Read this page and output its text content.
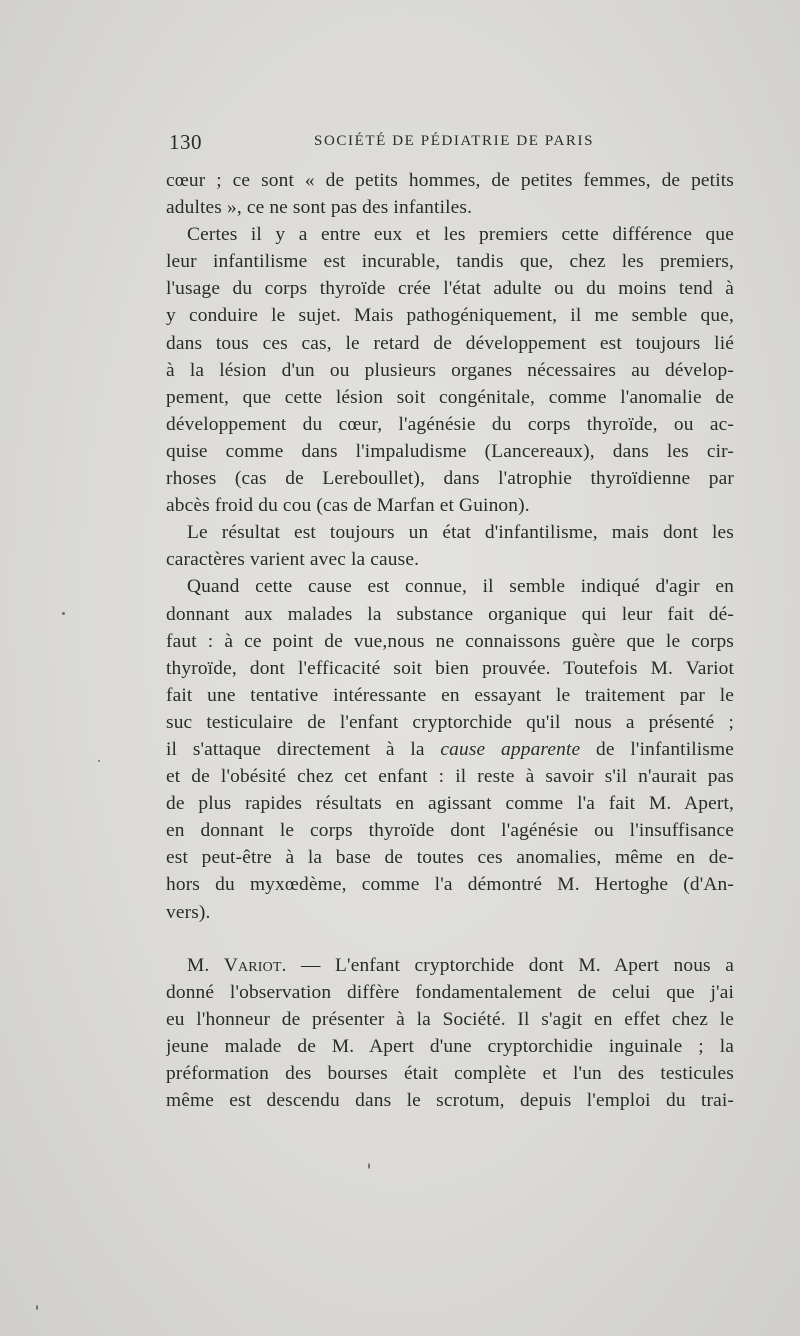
130	SOCIÉTÉ DE PÉDIATRIE DE PARIS
cœur ; ce sont « de petits hommes, de petites femmes, de petits
adultes », ce ne sont pas des infantiles.
Certes il y a entre eux et les premiers cette différence que
leur infantilisme est incurable, tandis que, chez les premiers,
l'usage du corps thyroïde crée l'état adulte ou du moins tend à
y conduire le sujet. Mais pathogéniquement, il me semble que,
dans tous ces cas, le retard de développement est toujours lié
à la lésion d'un ou plusieurs organes nécessaires au dévelop-
pement, que cette lésion soit congénitale, comme l'anomalie de
développement du cœur, l'agénésie du corps thyroïde, ou ac-
quise comme dans l'impaludisme (Lancereaux), dans les cir-
rhoses (cas de Lereboullet), dans l'atrophie thyroïdienne par
abcès froid du cou (cas de Marfan et Guinon).
Le résultat est toujours un état d'infantilisme, mais dont les
caractères varient avec la cause.
Quand cette cause est connue, il semble indiqué d'agir en
donnant aux malades la substance organique qui leur fait dé-
faut : à ce point de vue,nous ne connaissons guère que le corps
thyroïde, dont l'efficacité soit bien prouvée. Toutefois M. Variot
fait une tentative intéressante en essayant le traitement par le
suc testiculaire de l'enfant cryptorchide qu'il nous a présenté ;
il s'attaque directement à la cause apparente de l'infantilisme
et de l'obésité chez cet enfant : il reste à savoir s'il n'aurait pas
de plus rapides résultats en agissant comme l'a fait M. Apert,
en donnant le corps thyroïde dont l'agénésie ou l'insuffisance
est peut-être à la base de toutes ces anomalies, même en de-
hors du myxœdème, comme l'a démontré M. Hertoghe (d'An-
vers).
M. Variot. — L'enfant cryptorchide dont M. Apert nous a
donné l'observation diffère fondamentalement de celui que j'ai
eu l'honneur de présenter à la Société. Il s'agit en effet chez le
jeune malade de M. Apert d'une cryptorchidie inguinale ; la
préformation des bourses était complète et l'un des testicules
même est descendu dans le scrotum, depuis l'emploi du trai-
